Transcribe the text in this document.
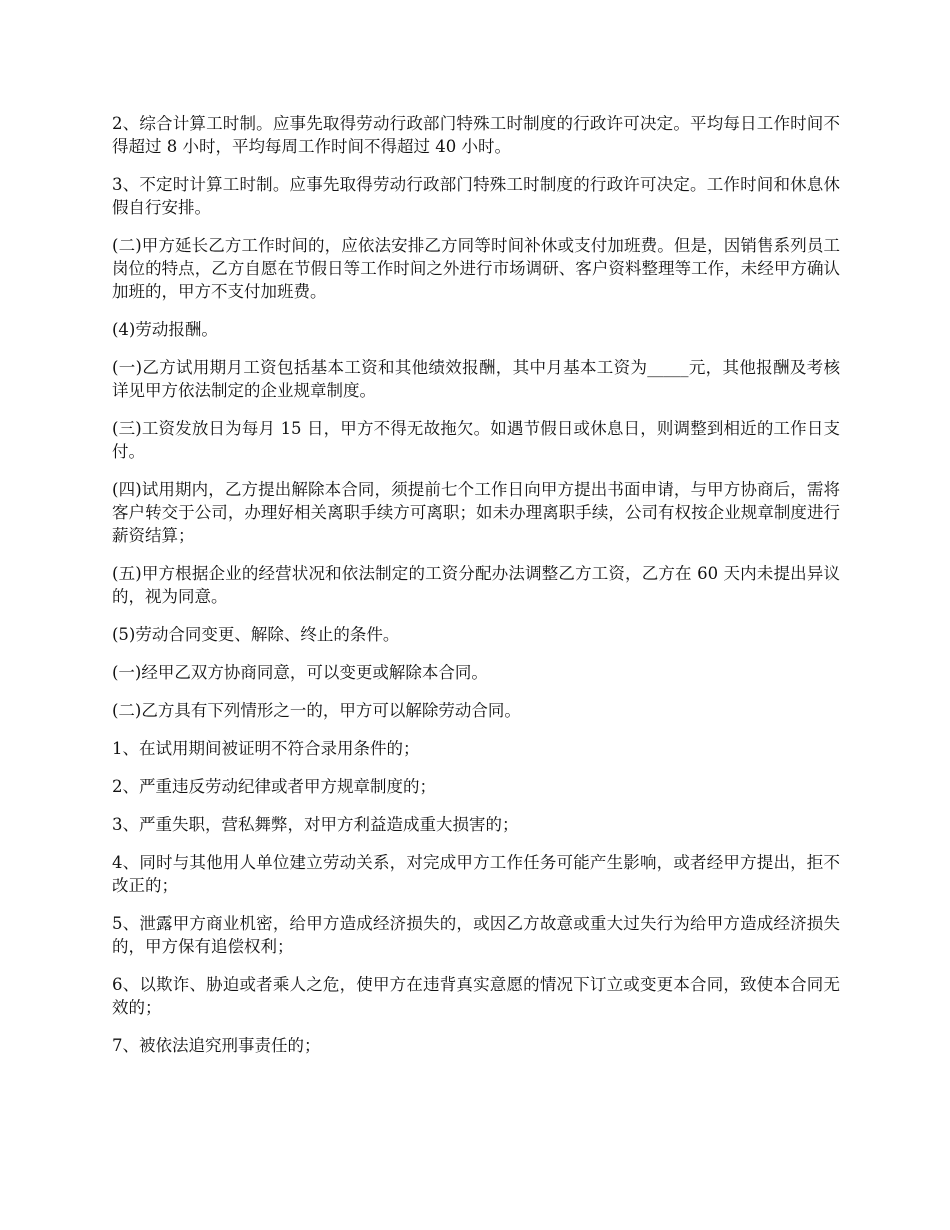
2、综合计算工时制。应事先取得劳动行政部门特殊工时制度的行政许可决定。平均每日工作时间不得超过 8 小时，平均每周工作时间不得超过 40 小时。

3、不定时计算工时制。应事先取得劳动行政部门特殊工时制度的行政许可决定。工作时间和休息休假自行安排。

(二)甲方延长乙方工作时间的，应依法安排乙方同等时间补休或支付加班费。但是，因销售系列员工岗位的特点，乙方自愿在节假日等工作时间之外进行市场调研、客户资料整理等工作，未经甲方确认加班的，甲方不支付加班费。

(4)劳动报酬。

(一)乙方试用期月工资包括基本工资和其他绩效报酬，其中月基本工资为_____元，其他报酬及考核详见甲方依法制定的企业规章制度。

(三)工资发放日为每月 15 日，甲方不得无故拖欠。如遇节假日或休息日，则调整到相近的工作日支付。

(四)试用期内，乙方提出解除本合同，须提前七个工作日向甲方提出书面申请，与甲方协商后，需将客户转交于公司，办理好相关离职手续方可离职；如未办理离职手续，公司有权按企业规章制度进行薪资结算；

(五)甲方根据企业的经营状况和依法制定的工资分配办法调整乙方工资，乙方在 60 天内未提出异议的，视为同意。

(5)劳动合同变更、解除、终止的条件。

(一)经甲乙双方协商同意，可以变更或解除本合同。

(二)乙方具有下列情形之一的，甲方可以解除劳动合同。

1、在试用期间被证明不符合录用条件的；

2、严重违反劳动纪律或者甲方规章制度的；

3、严重失职，营私舞弊，对甲方利益造成重大损害的；

4、同时与其他用人单位建立劳动关系，对完成甲方工作任务可能产生影响，或者经甲方提出，拒不改正的；

5、泄露甲方商业机密，给甲方造成经济损失的，或因乙方故意或重大过失行为给甲方造成经济损失的，甲方保有追偿权利；

6、以欺诈、胁迫或者乘人之危，使甲方在违背真实意愿的情况下订立或变更本合同，致使本合同无效的；

7、被依法追究刑事责任的；
